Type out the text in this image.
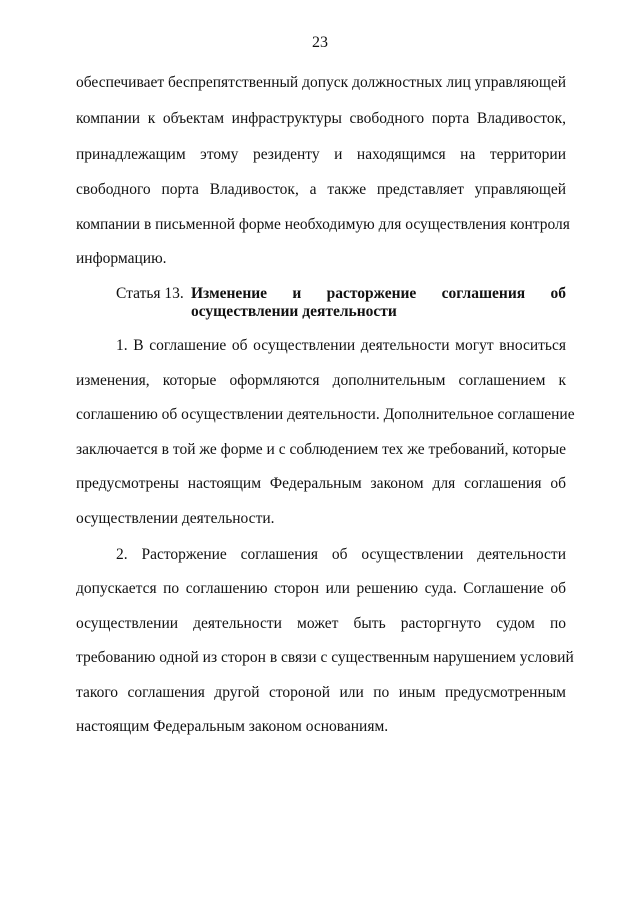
23
обеспечивает беспрепятственный допуск должностных лиц управляющей
компании к объектам инфраструктуры свободного порта Владивосток,
принадлежащим этому резиденту и находящимся на территории
свободного порта Владивосток, а также представляет управляющей
компании в письменной форме необходимую для осуществления контроля
информацию.
Статья 13. Изменение и расторжение соглашения об
осуществлении деятельности
1. В соглашение об осуществлении деятельности могут вноситься
изменения, которые оформляются дополнительным соглашением к
соглашению об осуществлении деятельности. Дополнительное соглашение
заключается в той же форме и с соблюдением тех же требований, которые
предусмотрены настоящим Федеральным законом для соглашения об
осуществлении деятельности.
2. Расторжение соглашения об осуществлении деятельности
допускается по соглашению сторон или решению суда. Соглашение об
осуществлении деятельности может быть расторгнуто судом по
требованию одной из сторон в связи с существенным нарушением условий
такого соглашения другой стороной или по иным предусмотренным
настоящим Федеральным законом основаниям.
